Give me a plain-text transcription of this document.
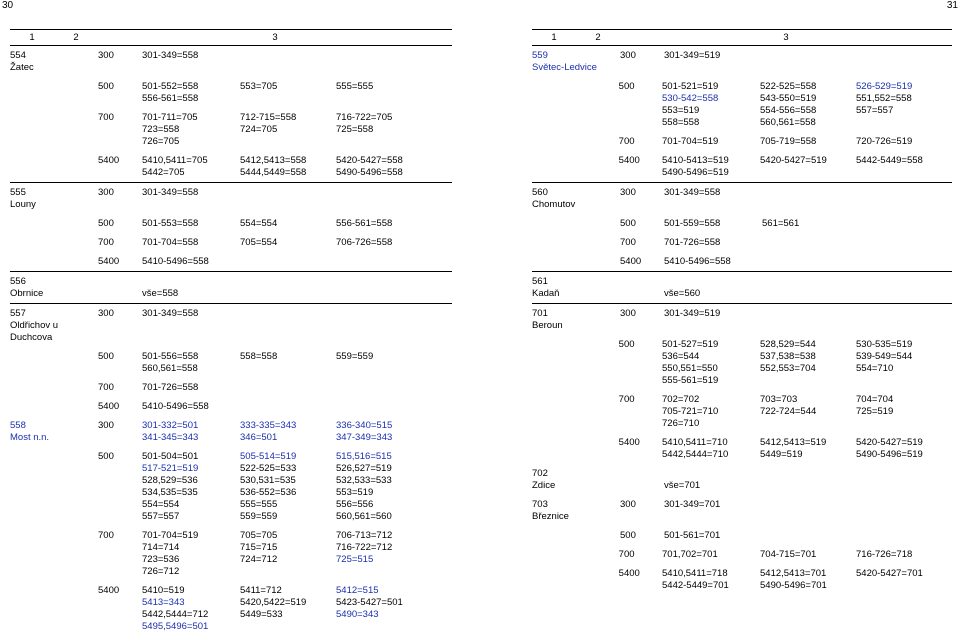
30	31
1	2	3
554
Žatec
300	301-349=558
500	501-552=558	553=705	555=555
556-561=558
700	701-711=705	712-715=558	716-722=705
723=558	724=705	725=558
726=705
5400	5410,5411=705	5412,5413=558	5420-5427=558
5442=705	5444,5449=558	5490-5496=558
555
Louny
300	301-349=558
500	501-553=558	554=554	556-561=558
700	701-704=558	705=554	706-726=558
5400	5410-5496=558
556
Obrnice	vše=558
557
Oldřichov u
Duchcova
300	301-349=558
500	501-556=558	558=558	559=559
560,561=558
700	701-726=558
5400	5410-5496=558
558
Most n.n.
300	301-332=501	333-335=343	336-340=515
341-345=343	346=501	347-349=343
500	501-504=501	505-514=519	515,516=515
517-521=519	522-525=533	526,527=519
528,529=536	530,531=535	532,533=533
534,535=535	536-552=536	553=519
554=554	555=555	556=556
557=557	559=559	560,561=560
700	701-704=519	705=705	706-713=712
714=714	715=715	716-722=712
723=536	724=712	725=515
726=712
5400	5410=519	5411=712	5412=515
5413=343	5420,5422=519	5423-5427=501
5442,5444=712	5449=533	5490=343
5495,5496=501
1	2	3
559
Světec-Ledvice
300	301-349=519
500	501-521=519	522-525=558	526-529=519
530-542=558	543-550=519	551,552=558
553=519	554-556=558	557=557
558=558	560,561=558
700	701-704=519	705-719=558	720-726=519
5400	5410-5413=519	5420-5427=519	5442-5449=558
5490-5496=519
560
Chomutov
300	301-349=558
500	501-559=558	561=561
700	701-726=558
5400	5410-5496=558
561
Kadaň	vše=560
701
Beroun
300	301-349=519
500	501-527=519	528,529=544	530-535=519
536=544	537,538=538	539-549=544
550,551=550	552,553=704	554=710
555-561=519
700	702=702	703=703	704=704
705-721=710	722-724=544	725=519
726=710
5400	5410,5411=710	5412,5413=519	5420-5427=519
5442,5444=710	5449=519	5490-5496=519
702
Zdice	vše=701
703
Březnice
300	301-349=701
500	501-561=701
700	701,702=701	704-715=701	716-726=718
5400	5410,5411=718	5412,5413=701	5420-5427=701
5442-5449=701	5490-5496=701
